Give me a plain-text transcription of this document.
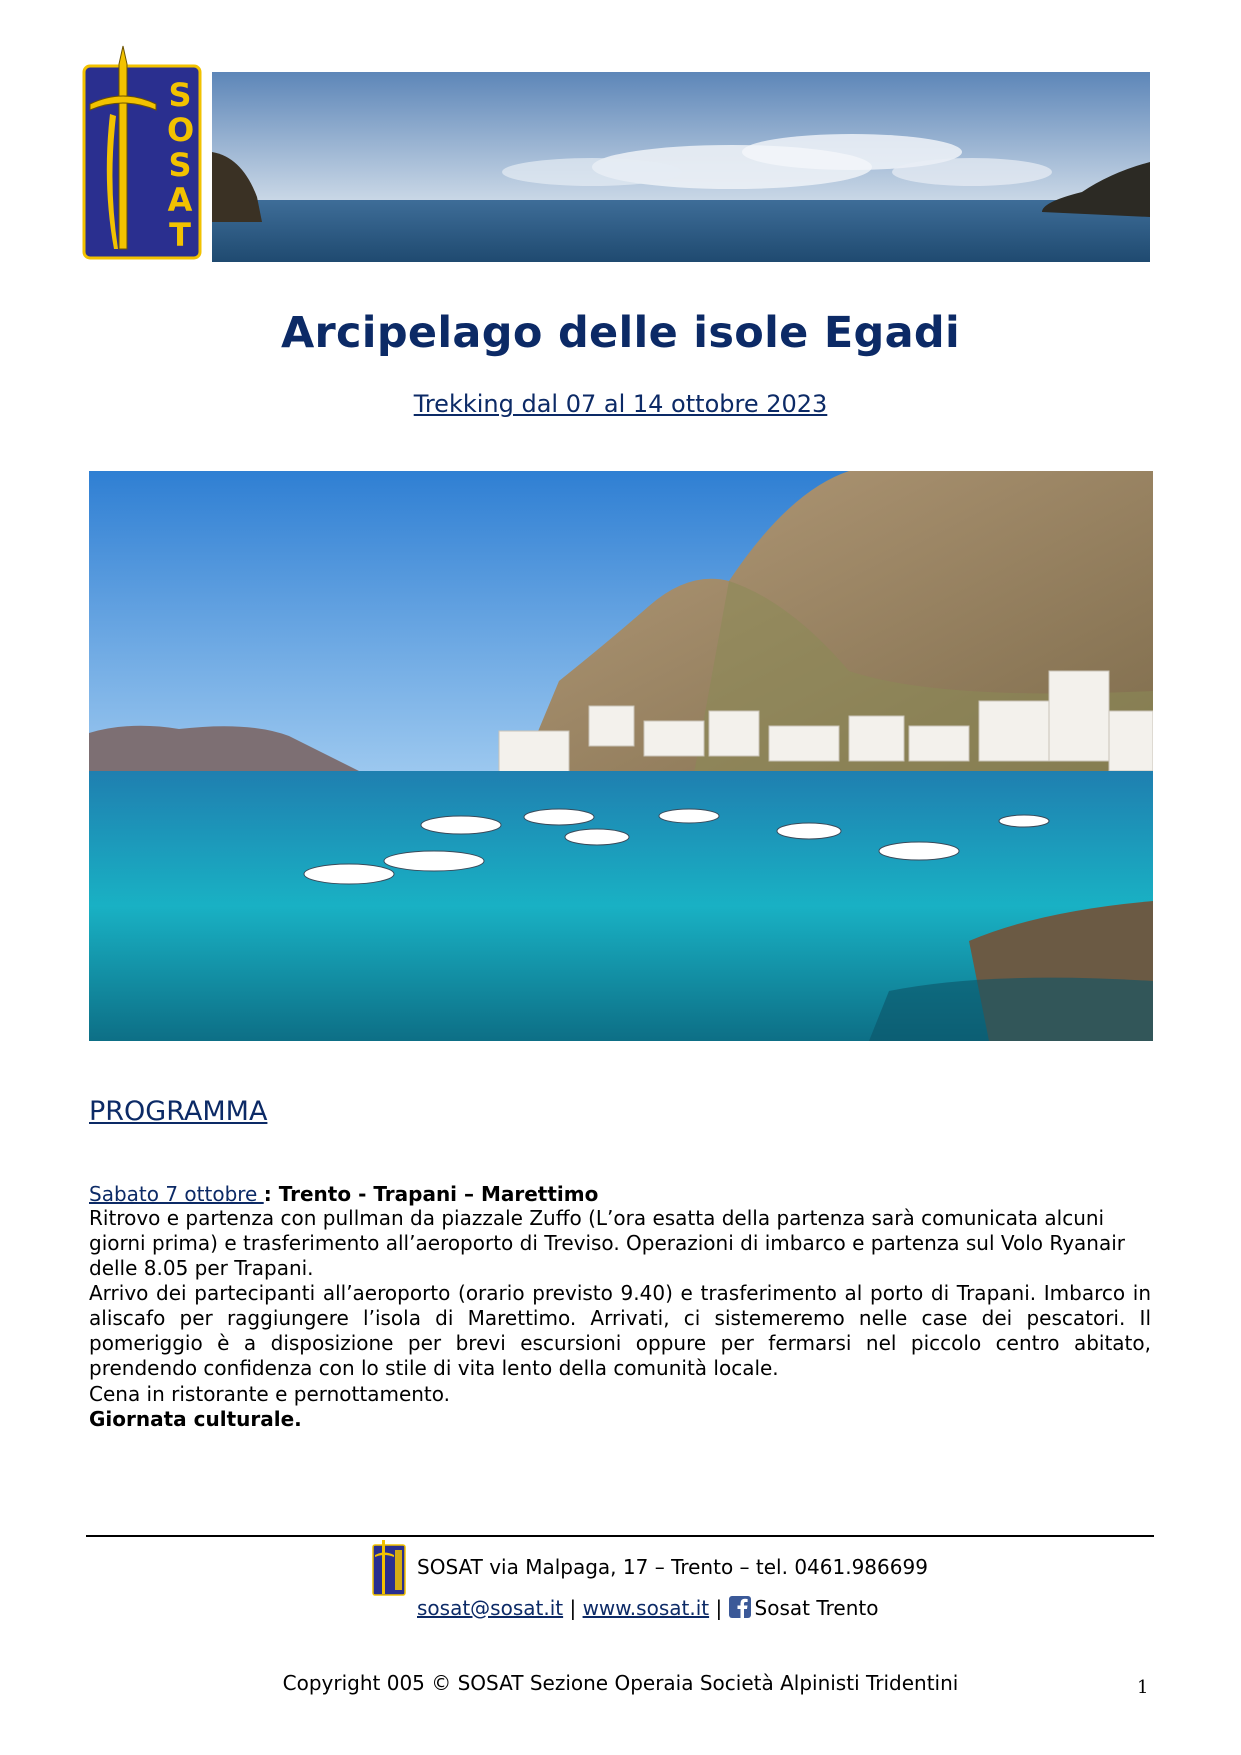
SOSAT
Arcipelago delle isole Egadi
Trekking dal 07 al 14 ottobre 2023
PROGRAMMA
Sabato 7 ottobre : Trento - Trapani – Marettimo
Ritrovo e partenza con pullman da piazzale Zuffo (L’ora esatta della partenza sarà comunicata alcuni giorni prima) e trasferimento all’aeroporto di Treviso. Operazioni di imbarco e partenza sul Volo Ryanair delle 8.05 per Trapani.
Arrivo dei partecipanti all’aeroporto (orario previsto 9.40) e trasferimento al porto di Trapani. Imbarco in aliscafo per raggiungere l’isola di Marettimo. Arrivati, ci sistemeremo nelle case dei pescatori. Il pomeriggio è a disposizione per brevi escursioni oppure per fermarsi nel piccolo centro abitato, prendendo confidenza con lo stile di vita lento della comunità locale.
Cena in ristorante e pernottamento.
Giornata culturale.
SOSAT via Malpaga, 17 – Trento – tel. 0461.986699
sosat@sosat.it | www.sosat.it | Sosat Trento
Copyright 005 © SOSAT Sezione Operaia Società Alpinisti Tridentini	1
